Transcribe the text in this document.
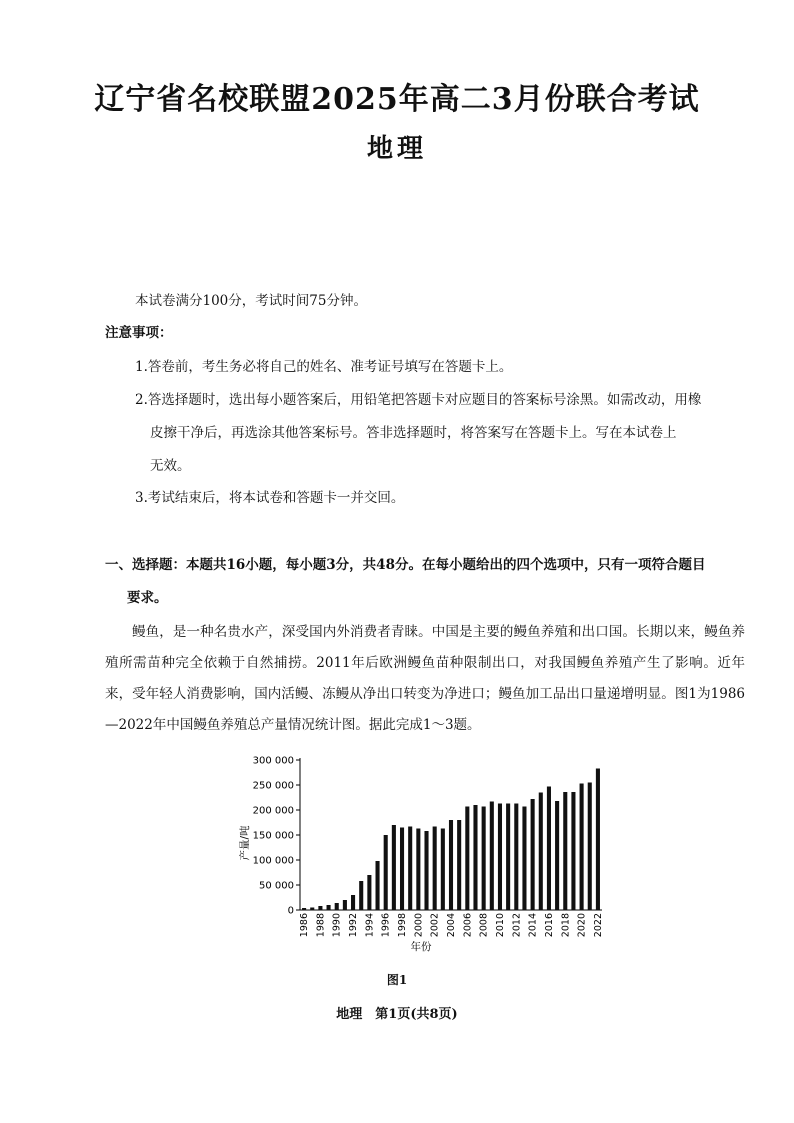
辽宁省名校联盟2025年高二3月份联合考试
地理
本试卷满分100分，考试时间75分钟。
注意事项：
1.答卷前，考生务必将自己的姓名、准考证号填写在答题卡上。
2.答选择题时，选出每小题答案后，用铅笔把答题卡对应题目的答案标号涂黑。如需改动，用橡
皮擦干净后，再选涂其他答案标号。答非选择题时，将答案写在答题卡上。写在本试卷上
无效。
3.考试结束后，将本试卷和答题卡一并交回。
一、选择题：本题共16小题，每小题3分，共48分。在每小题给出的四个选项中，只有一项符合题目
要求。
鳗鱼，是一种名贵水产，深受国内外消费者青睐。中国是主要的鳗鱼养殖和出口国。长期以来，鳗鱼养殖所需苗种完全依赖于自然捕捞。2011年后欧洲鳗鱼苗种限制出口，对我国鳗鱼养殖产生了影响。近年来，受年轻人消费影响，国内活鳗、冻鳗从净出口转变为净进口；鳗鱼加工品出口量递增明显。图1为1986—2022年中国鳗鱼养殖总产量情况统计图。据此完成1～3题。
0
50 000
100 000
150 000
200 000
250 000
300 000
1986 1988 1990 1992 1994 1996 1998 2000 2002 2004 2006 2008 2010 2012 2014 2016 2018 2020 2022
年份
产量/吨
图1
地理　第1页(共8页)
